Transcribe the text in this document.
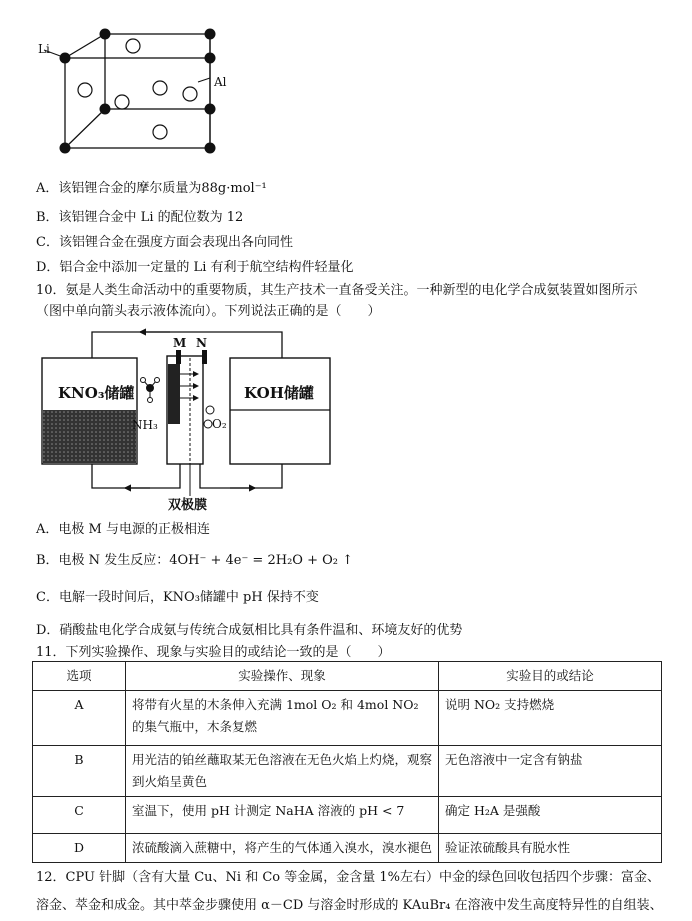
Li
Al
A．该铝锂合金的摩尔质量为88g·mol⁻¹
B．该铝锂合金中 Li 的配位数为 12
C．该铝锂合金在强度方面会表现出各向同性
D．铝合金中添加一定量的 Li 有利于航空结构件轻量化
10．氨是人类生命活动中的重要物质，其生产技术一直备受关注。一种新型的电化学合成氨装置如图所示
（图中单向箭头表示液体流向）。下列说法正确的是（　　）
M N
KNO₃储罐	KOH储罐
NH₃	O₂
双极膜
A．电极 M 与电源的正极相连
B．电极 N 发生反应：4OH⁻ + 4e⁻ = 2H₂O + O₂ ↑
C．电解一段时间后，KNO₃储罐中 pH 保持不变
D．硝酸盐电化学合成氨与传统合成氨相比具有条件温和、环境友好的优势
11．下列实验操作、现象与实验目的或结论一致的是（　　）
选项	实验操作、现象	实验目的或结论
A	将带有火星的木条伸入充满 1mol O₂ 和 4mol NO₂ 的集气瓶中，木条复燃	说明 NO₂ 支持燃烧
B	用光洁的铂丝蘸取某无色溶液在无色火焰上灼烧，观察到火焰呈黄色	无色溶液中一定含有钠盐
C	室温下，使用 pH 计测定 NaHA 溶液的 pH < 7	确定 H₂A 是强酸
D	浓硫酸滴入蔗糖中，将产生的气体通入溴水，溴水褪色	验证浓硫酸具有脱水性
12．CPU 针脚（含有大量 Cu、Ni 和 Co 等金属，金含量 1%左右）中金的绿色回收包括四个步骤：富金、
溶金、萃金和成金。其中萃金步骤使用 α－CD 与溶金时形成的 KAuBr₄ 在溶液中发生高度特异性的自组装、
